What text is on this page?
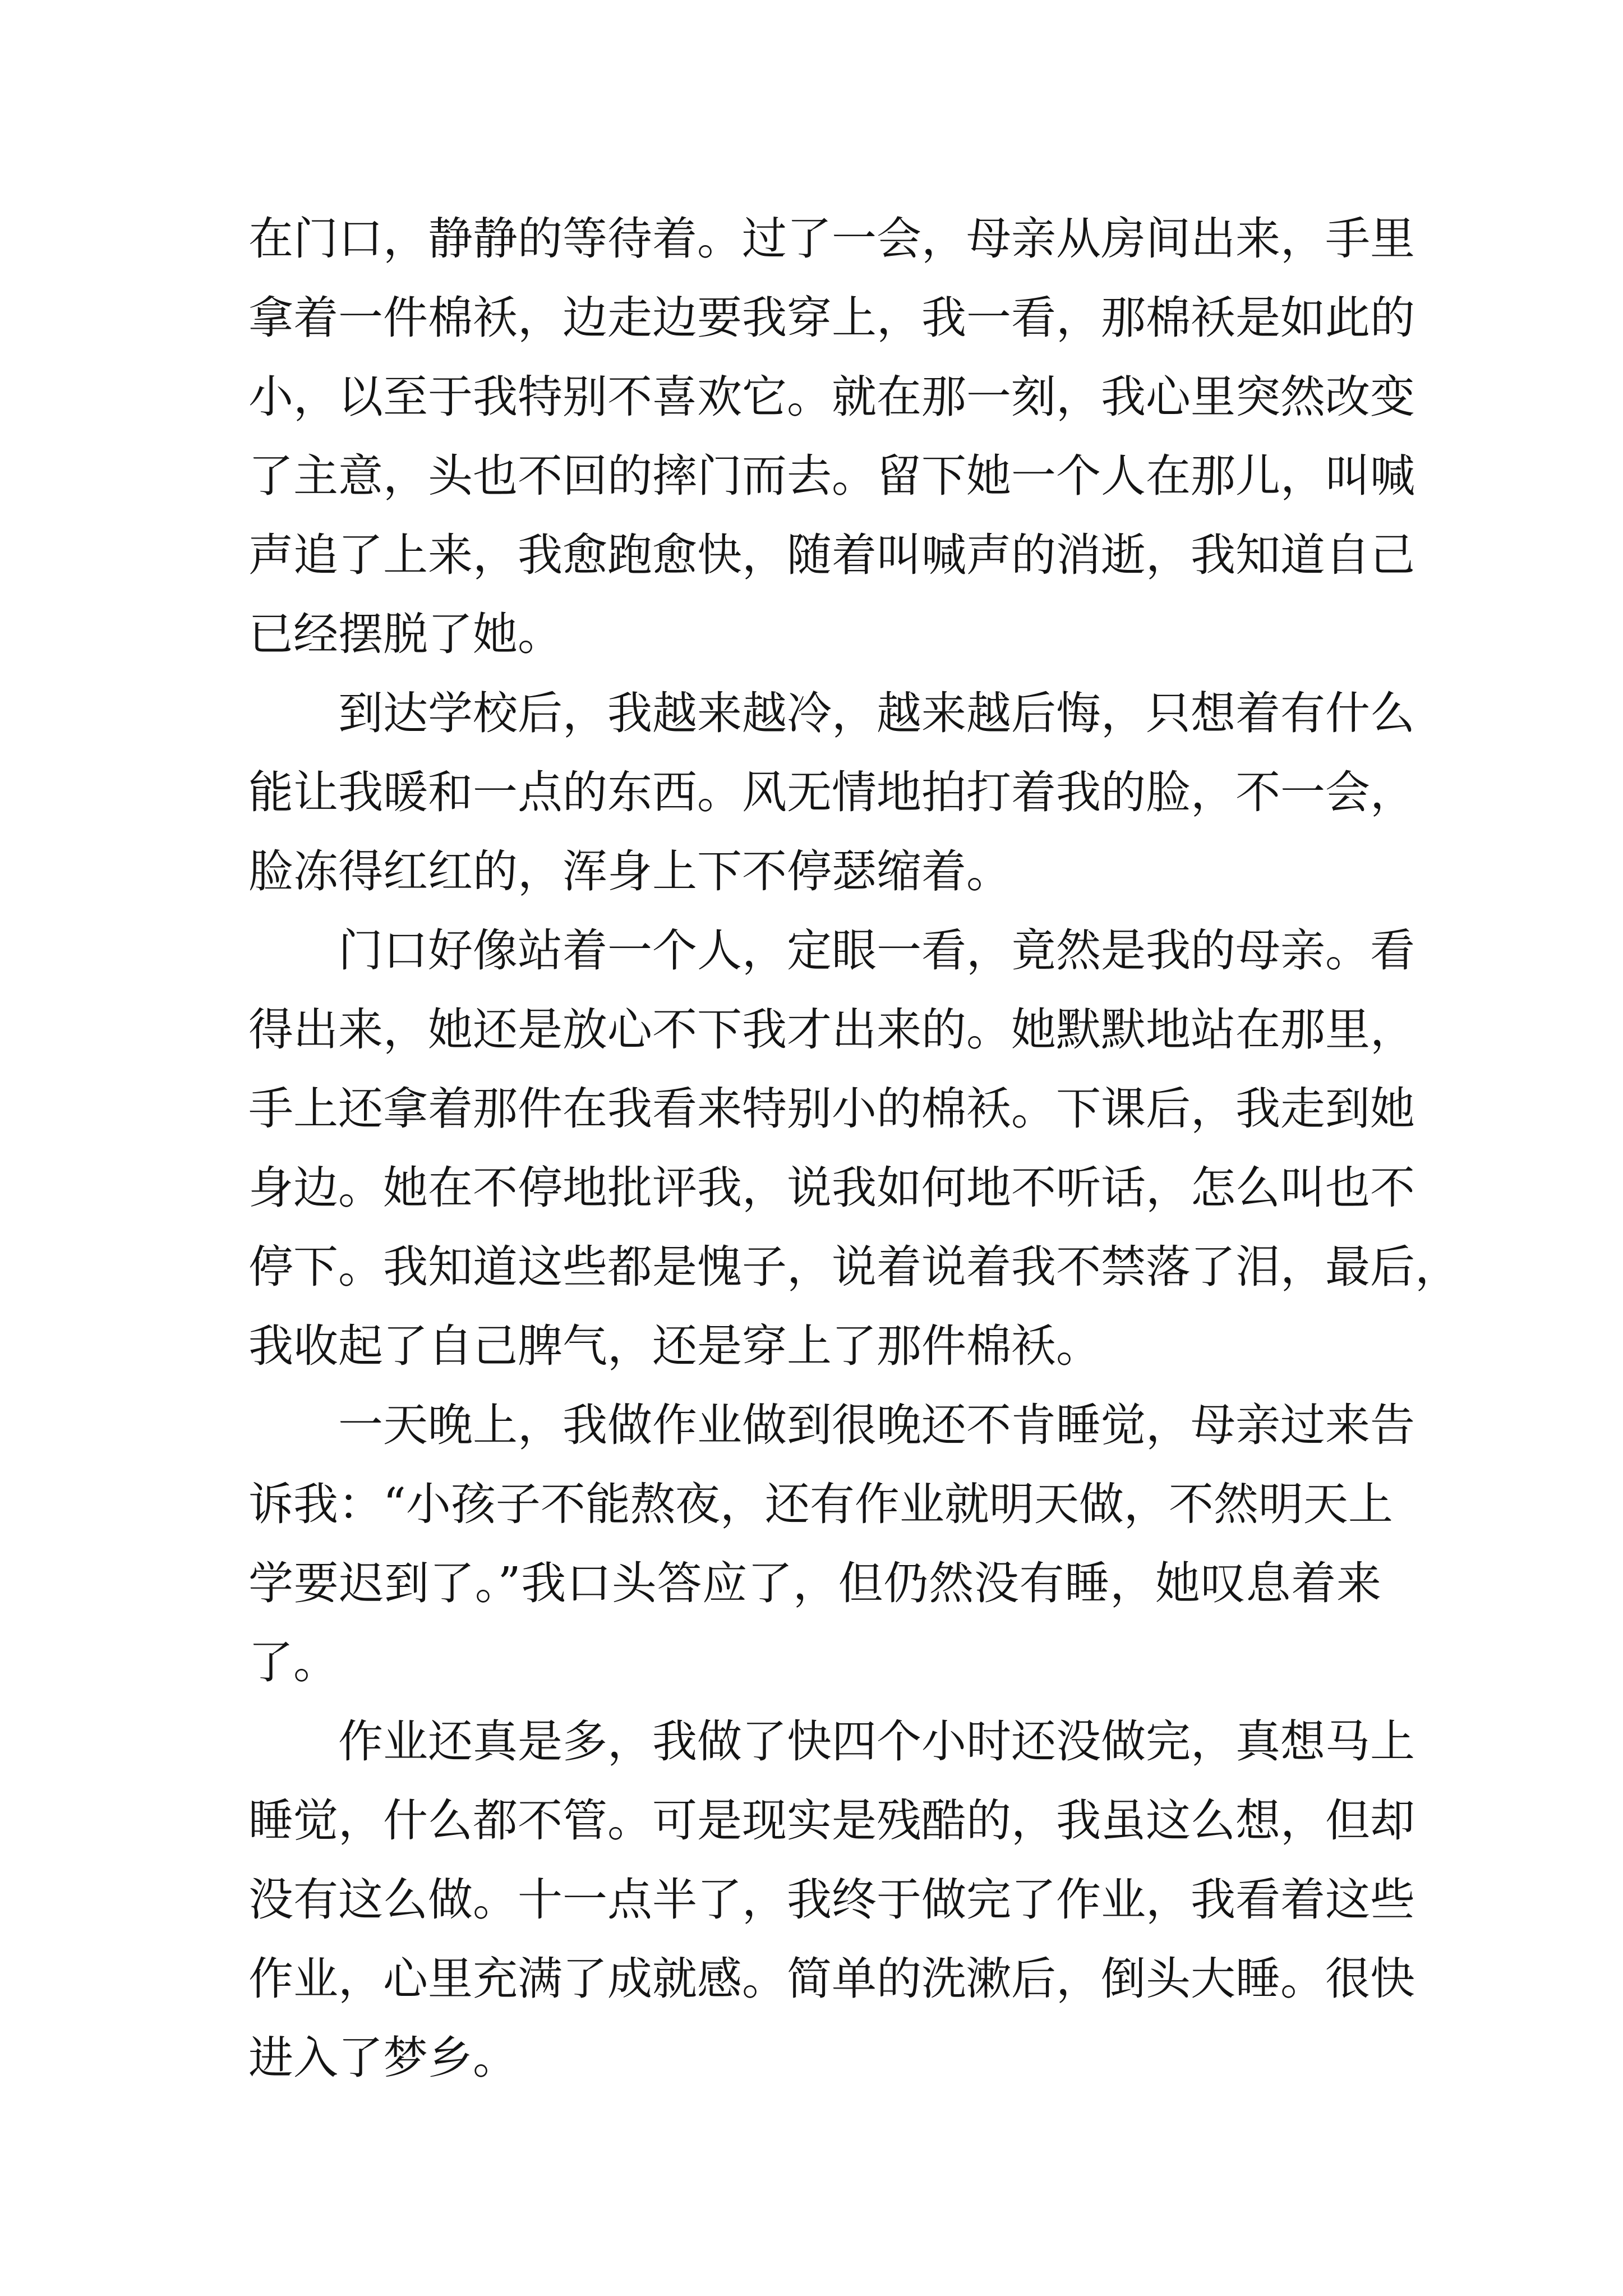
在门口，静静的等待着。过了一会，母亲从房间出来，手里
拿着一件棉袄，边走边要我穿上，我一看，那棉袄是如此的
小，以至于我特别不喜欢它。就在那一刻，我心里突然改变
了主意，头也不回的摔门而去。留下她一个人在那儿，叫喊
声追了上来，我愈跑愈快，随着叫喊声的消逝，我知道自己
已经摆脱了她。
到达学校后，我越来越冷，越来越后悔，只想着有什么
能让我暖和一点的东西。风无情地拍打着我的脸，不一会，
脸冻得红红的，浑身上下不停瑟缩着。
门口好像站着一个人，定眼一看，竟然是我的母亲。看
得出来，她还是放心不下我才出来的。她默默地站在那里，
手上还拿着那件在我看来特别小的棉袄。下课后，我走到她
身边。她在不停地批评我，说我如何地不听话，怎么叫也不
停下。我知道这些都是愧子，说着说着我不禁落了泪，最后，
我收起了自己脾气，还是穿上了那件棉袄。
一天晚上，我做作业做到很晚还不肯睡觉，母亲过来告
诉我：“小孩子不能熬夜，还有作业就明天做，不然明天上
学要迟到了。”我口头答应了，但仍然没有睡，她叹息着来
了。
作业还真是多，我做了快四个小时还没做完，真想马上
睡觉，什么都不管。可是现实是残酷的，我虽这么想，但却
没有这么做。十一点半了，我终于做完了作业，我看着这些
作业，心里充满了成就感。简单的洗漱后，倒头大睡。很快
进入了梦乡。
